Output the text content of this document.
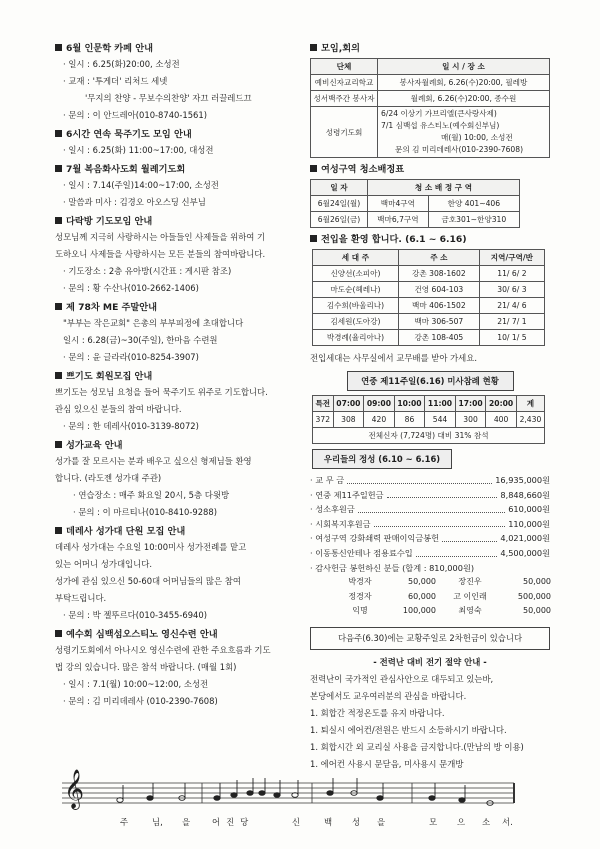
6월 인문학 카페 안내
· 일시 : 6.25(화)20:00, 소성전
· 교재 : '투게더' 리처드 세넷
'무지의 찬양 - 무보수의찬양' 자끄 러끌레드끄
· 문의 : 이 안드레아(010-8740-1561)
6시간 연속 묵주기도 모임 안내
· 일시 : 6.25(화) 11:00~17:00, 대성전
7월 복음화사도회 월례기도회
· 일시 : 7.14(주일)14:00~17:00, 소성전
· 말씀과 미사 : 김경오 아오스딩 신부님
다락방 기도모임 안내
성모님께 지극히 사랑하시는 아들들인 사제들을 위하여 기
도하오니 사제들을 사랑하시는 모든 분들의 참여바랍니다.
· 기도장소 : 2층 유아방(시간표 : 게시판 참조)
· 문의 : 황 수산나(010-2662-1406)
제 78차 ME 주말안내
"부부는 작은교회" 은총의 부부피정에 초대합니다
일시 : 6.28(금)~30(주일), 한마음 수련원
· 문의 : 윤 글라라(010-8254-3907)
쁘기도 회원모집 안내
쁘기도는 성모님 요청을 들어 묵주기도 위주로 기도합니다.
관심 있으신 분들의 참여 바랍니다.
· 문의 : 한 데레사(010-3139-8072)
성가교육 안내
성가를 잘 모르시는 분과 배우고 싶으신 형제님들 환영
합니다. (라도젠 성가대 주관)
· 연습장소 : 매주 화요일 20시, 5층 다윗방
· 문의 : 이 마르티나(010-8410-9288)
데레사 성가대 단원 모집 안내
데레사 성가대는 수요일 10:00미사 성가전례를 맡고
있는 어머니 성가대입니다.
성가에 관심 있으신 50-60대 어머님들의 많은 참여
부탁드립니다.
· 문의 : 박 젤뚜르다(010-3455-6940)
예수회 심백섬오스티노 영신수련 안내
성령기도회에서 아나시오 영신수련에 관한 주요흐름과 기도
법 강의 있습니다. 많은 참석 바랍니다. (매월 1회)
· 일시 : 7.1(월) 10:00~12:00, 소성전
· 문의 : 김 미리데레사 (010-2390-7608)
모임,회의
단체	일 시 / 장 소
예비신자교리학교	봉사자월례회, 6.26(수)20:00, 필레방
성서백주간 봉사자	월례회, 6.26(수)20:00, 종수원
성령기도회	6/24 이상기 가브리엘(큰사랑사제)
7/1 심백섭 유스티노(예수회신부님)
매(월) 10:00, 소성전
문의 김 미리데레사(010-2390-7608)
여성구역 청소배정표
일 자	청 소 배 정 구 역	
6월24일(월)	백마4구역	한양 401~406
6월26일(금)	백마6,7구역	금호301~한양310
전입을 환영 합니다. (6.1 ~ 6.16)
세 대 주	주 소	지역/구역/반
신양선(소피아)	강촌 308-1602	11/ 6/ 2
마도순(헤레나)	건영 604-103	30/ 6/ 3
김수희(바울리나)	백마 406-1502	21/ 4/ 6
김세원(도아강)	백마 306-507	21/ 7/ 1
박경례(율리아나)	강촌 108-405	10/ 1/ 5
전입세대는 사무실에서 교무배를 받아 가세요.
연중 제11주일(6.16) 미사참례 현황
특전	07:00	09:00	10:00	11:00	17:00	20:00	계
372	308	420	86	544	300	400	2,430
전체신자 (7,724명) 대비 31% 참석							
우리들의 정성 (6.10 ~ 6.16)
· 교 무 금	16,935,000원
· 연중 제11주일헌금	8,848,660원
· 성소후원금	610,000원
· 시회복지후원금	110,000원
· 여성구역 강화쇄력 판매이익금봉헌	4,021,000원
· 이동통신안테나 점용료수입	4,500,000원
· 감사헌금 봉헌하신 분들 (합계 : 810,000원)
박경자	50,000	장진우	50,000
정경자	60,000	고 이인래	500,000
익명	100,000	최영숙	50,000
다음주(6.30)에는 교황주일로 2차헌금이 있습니다
- 전력난 대비 전기 절약 안내 -
전력난이 국가적인 관심사안으로 대두되고 있는바,
본당에서도 교우여러분의 관심을 바랍니다.
1. 회합간 적정온도를 유지 바랍니다.
1. 퇴실시 에어컨/전원은 반드시 소등하시기 바랍니다.
1. 회합시간 외 교리실 사용을 금지합니다.(만남의 방 이용)
1. 에어컨 사용시 문닫음, 미사용시 문개방
𝄞
주	님, 을	어진당	신	백 성 을	모 으 소 서.
